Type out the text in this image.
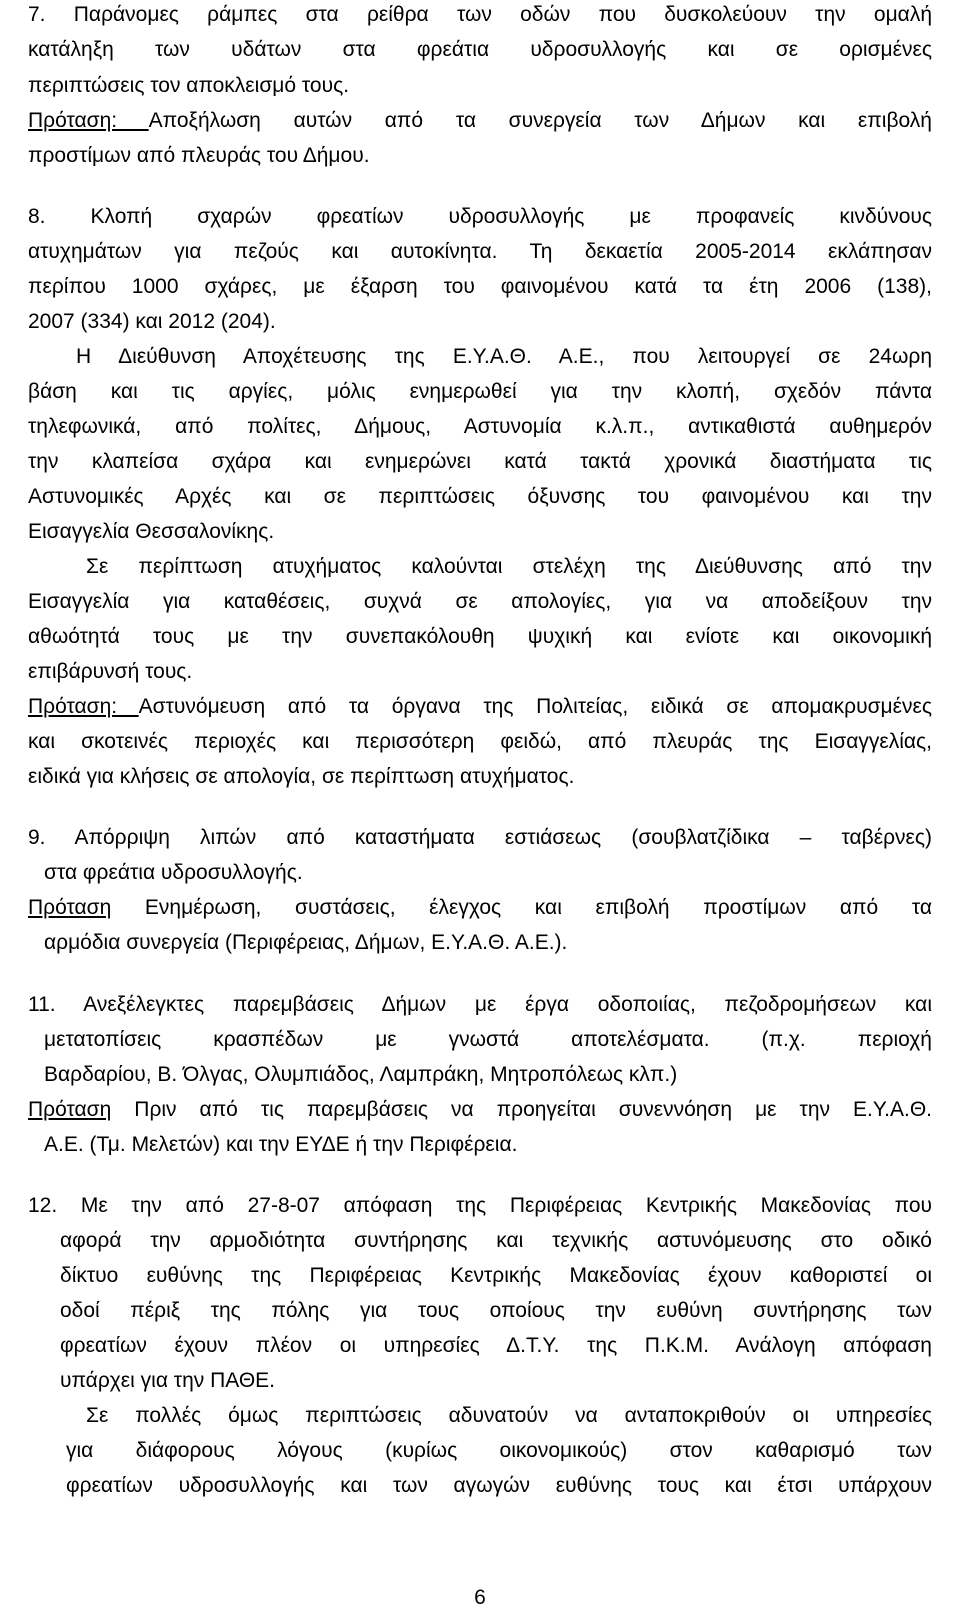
7. Παράνομες ράμπες στα ρείθρα των οδών που δυσκολεύουν την ομαλή
κατάληξη των υδάτων στα φρεάτια υδροσυλλογής και σε ορισμένες
περιπτώσεις τον αποκλεισμό τους.
Πρόταση: Αποξήλωση αυτών από τα συνεργεία των Δήμων και επιβολή
προστίμων από πλευράς του Δήμου.
8. Κλοπή σχαρών φρεατίων υδροσυλλογής με προφανείς κινδύνους
ατυχημάτων για πεζούς και αυτοκίνητα. Τη δεκαετία 2005-2014 εκλάπησαν
περίπου 1000 σχάρες, με έξαρση του φαινομένου κατά τα έτη 2006 (138),
2007 (334) και 2012 (204).
Η Διεύθυνση Αποχέτευσης της Ε.Υ.Α.Θ. Α.Ε., που λειτουργεί σε 24ωρη
βάση και τις αργίες, μόλις ενημερωθεί για την κλοπή, σχεδόν πάντα
τηλεφωνικά, από πολίτες, Δήμους, Αστυνομία κ.λ.π., αντικαθιστά αυθημερόν
την κλαπείσα σχάρα και ενημερώνει κατά τακτά χρονικά διαστήματα τις
Αστυνομικές Αρχές και σε περιπτώσεις όξυνσης του φαινομένου και την
Εισαγγελία Θεσσαλονίκης.
Σε περίπτωση ατυχήματος καλούνται στελέχη της Διεύθυνσης από την
Εισαγγελία για καταθέσεις, συχνά σε απολογίες, για να αποδείξουν την
αθωότητά τους με την συνεπακόλουθη ψυχική και ενίοτε και οικονομική
επιβάρυνσή τους.
Πρόταση: Αστυνόμευση από τα όργανα της Πολιτείας, ειδικά σε απομακρυσμένες
και σκοτεινές περιοχές και περισσότερη φειδώ, από πλευράς της Εισαγγελίας,
ειδικά για κλήσεις σε απολογία, σε περίπτωση ατυχήματος.
9. Απόρριψη λιπών από καταστήματα εστιάσεως (σουβλατζίδικα – ταβέρνες)
στα φρεάτια υδροσυλλογής.
Πρόταση Ενημέρωση, συστάσεις, έλεγχος και επιβολή προστίμων από τα
αρμόδια συνεργεία (Περιφέρειας, Δήμων, Ε.Υ.Α.Θ. Α.Ε.).
11. Ανεξέλεγκτες παρεμβάσεις Δήμων με έργα οδοποιίας, πεζοδρομήσεων και
μετατοπίσεις κρασπέδων με γνωστά αποτελέσματα. (π.χ. περιοχή
Βαρδαρίου, Β. Όλγας, Ολυμπιάδος, Λαμπράκη, Μητροπόλεως κλπ.)
Πρόταση Πριν από τις παρεμβάσεις να προηγείται συνεννόηση με την Ε.Υ.Α.Θ.
Α.Ε. (Τμ. Μελετών) και την ΕΥΔΕ ή την Περιφέρεια.
12. Με την από 27-8-07 απόφαση της Περιφέρειας Κεντρικής Μακεδονίας που
αφορά την αρμοδιότητα συντήρησης και τεχνικής αστυνόμευσης στο οδικό
δίκτυο ευθύνης της Περιφέρειας Κεντρικής Μακεδονίας έχουν καθοριστεί οι
οδοί πέριξ της πόλης για τους οποίους την ευθύνη συντήρησης των
φρεατίων έχουν πλέον οι υπηρεσίες Δ.Τ.Υ. της Π.Κ.Μ. Ανάλογη απόφαση
υπάρχει για την ΠΑΘΕ.
Σε πολλές όμως περιπτώσεις αδυνατούν να ανταποκριθούν οι υπηρεσίες
για διάφορους λόγους (κυρίως οικονομικούς) στον καθαρισμό των
φρεατίων υδροσυλλογής και των αγωγών ευθύνης τους και έτσι υπάρχουν
6
